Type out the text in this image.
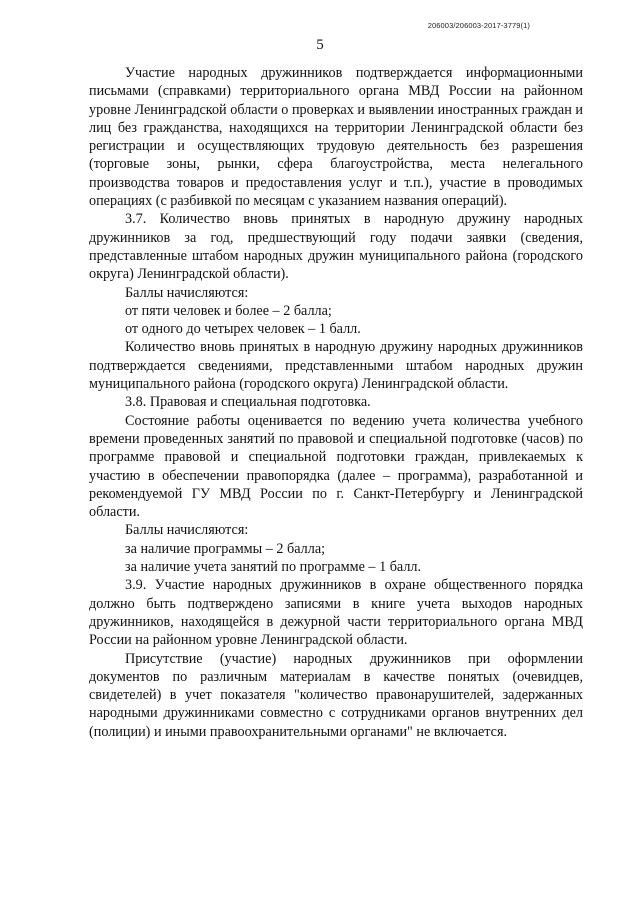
206003/206003-2017-3779(1)
5

Участие народных дружинников подтверждается информационными письмами (справками) территориального органа МВД России на районном уровне Ленинградской области о проверках и выявлении иностранных граждан и лиц без гражданства, находящихся на территории Ленинградской области без регистрации и осуществляющих трудовую деятельность без разрешения (торговые зоны, рынки, сфера благоустройства, места нелегального производства товаров и предоставления услуг и т.п.), участие в проводимых операциях (с разбивкой по месяцам с указанием названия операций).

3.7. Количество вновь принятых в народную дружину народных дружинников за год, предшествующий году подачи заявки (сведения, представленные штабом народных дружин муниципального района (городского округа) Ленинградской области).

Баллы начисляются:

от пяти человек и более – 2 балла;

от одного до четырех человек – 1 балл.

Количество вновь принятых в народную дружину народных дружинников подтверждается сведениями, представленными штабом народных дружин муниципального района (городского округа) Ленинградской области.

3.8. Правовая и специальная подготовка.

Состояние работы оценивается по ведению учета количества учебного времени проведенных занятий по правовой и специальной подготовке (часов) по программе правовой и специальной подготовки граждан, привлекаемых к участию в обеспечении правопорядка (далее – программа), разработанной и рекомендуемой ГУ МВД России по г. Санкт-Петербургу и Ленинградской области.

Баллы начисляются:

за наличие программы – 2 балла;

за наличие учета занятий по программе – 1 балл.

3.9. Участие народных дружинников в охране общественного порядка должно быть подтверждено записями в книге учета выходов народных дружинников, находящейся в дежурной части территориального органа МВД России на районном уровне Ленинградской области.

Присутствие (участие) народных дружинников при оформлении документов по различным материалам в качестве понятых (очевидцев, свидетелей) в учет показателя "количество правонарушителей, задержанных народными дружинниками совместно с сотрудниками органов внутренних дел (полиции) и иными правоохранительными органами" не включается.
